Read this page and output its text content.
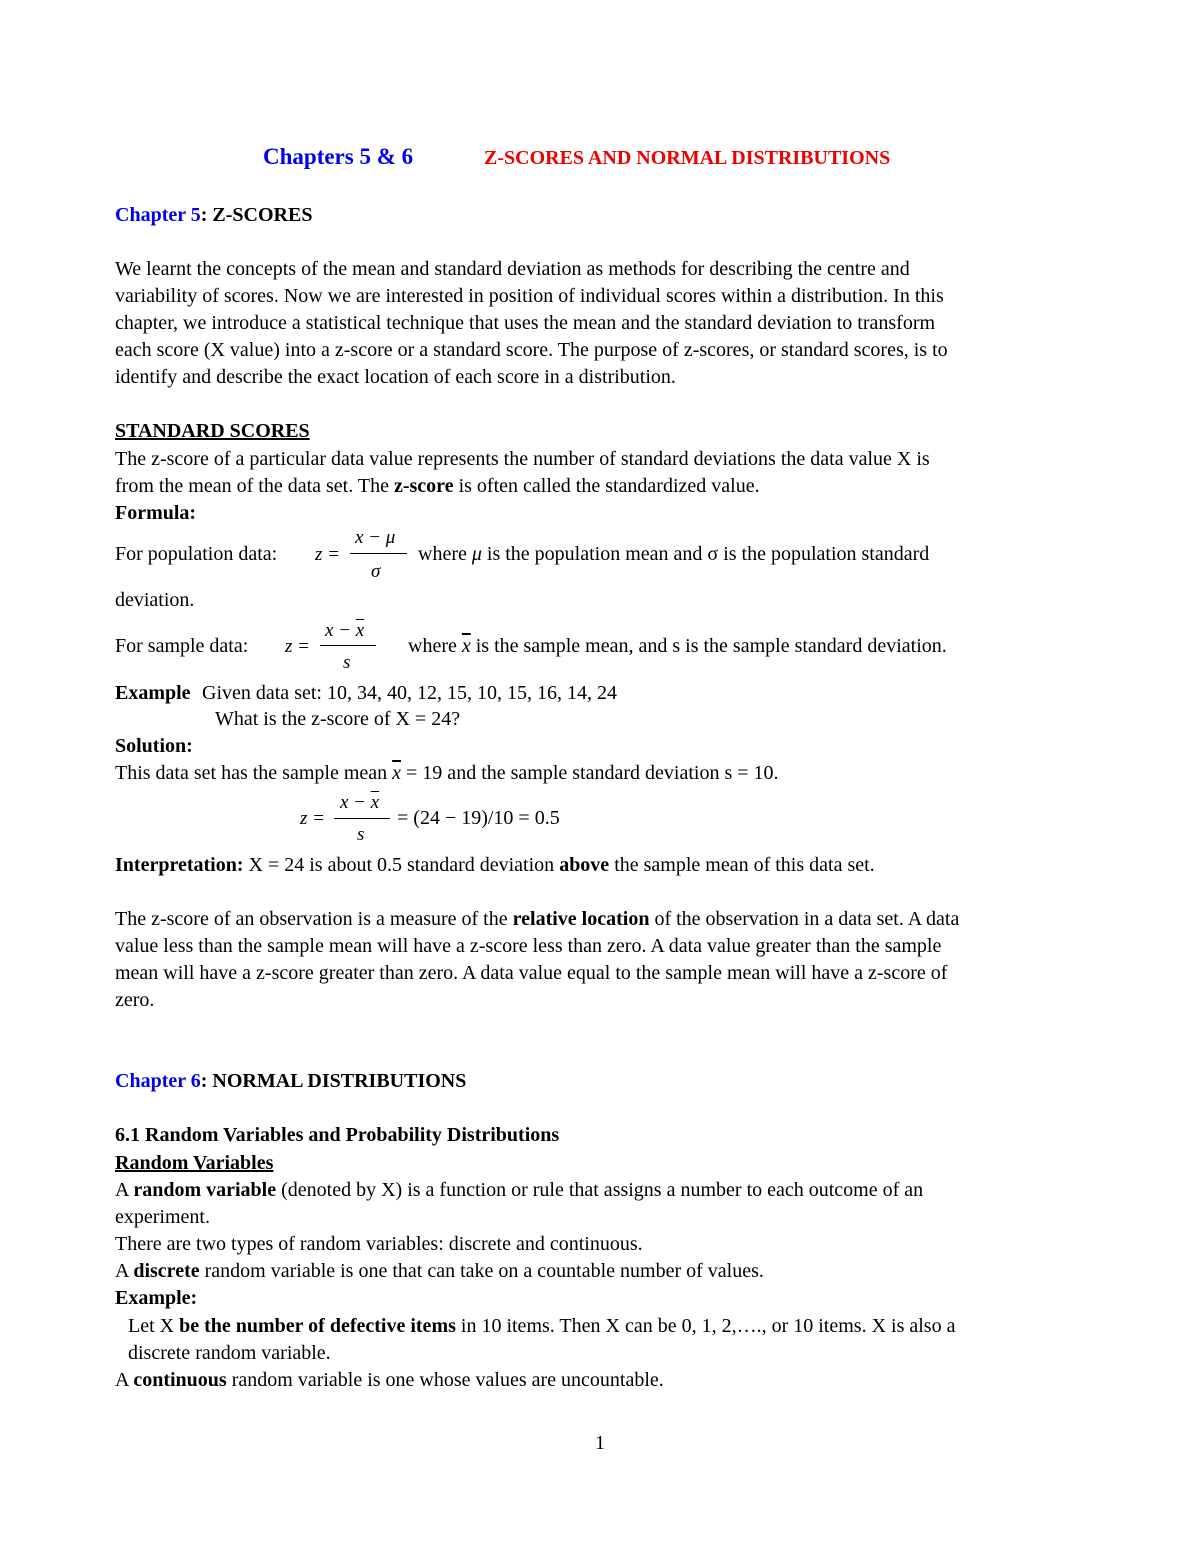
Chapters 5 & 6	Z-SCORES AND NORMAL DISTRIBUTIONS
Chapter 5: Z-SCORES
We learnt the concepts of the mean and standard deviation as methods for describing the centre and
variability of scores. Now we are interested in position of individual scores within a distribution. In this
chapter, we introduce a statistical technique that uses the mean and the standard deviation to transform
each score (X value) into a z-score or a standard score. The purpose of z-scores, or standard scores, is to
identify and describe the exact location of each score in a distribution.
STANDARD SCORES
The z-score of a particular data value represents the number of standard deviations the data value X is
from the mean of the data set. The z-score is often called the standardized value.
Formula:
For population data: z =
x − μ
σ
where μ is the population mean and σ is the population standard
deviation.
For sample data: z =
$x - \overline{x}$
s
where $\overline{x}$ is the sample mean, and s is the sample standard deviation.
Example Given data set: 10, 34, 40, 12, 15, 10, 15, 16, 14, 24
What is the z-score of X = 24?
Solution:
This data set has the sample mean $\overline{x} = 19$ and the sample standard deviation s = 10.
z =
$x - \overline{x}$
s
= (24 − 19)/10 = 0.5
Interpretation: X = 24 is about 0.5 standard deviation above the sample mean of this data set.
The z-score of an observation is a measure of the relative location of the observation in a data set. A data
value less than the sample mean will have a z-score less than zero. A data value greater than the sample
mean will have a z-score greater than zero. A data value equal to the sample mean will have a z-score of
zero.
Chapter 6: NORMAL DISTRIBUTIONS
6.1 Random Variables and Probability Distributions
Random Variables
A random variable (denoted by X) is a function or rule that assigns a number to each outcome of an
experiment.
There are two types of random variables: discrete and continuous.
A discrete random variable is one that can take on a countable number of values.
Example:
Let X be the number of defective items in 10 items. Then X can be 0, 1, 2,…., or 10 items. X is also a
discrete random variable.
A continuous random variable is one whose values are uncountable.
1
